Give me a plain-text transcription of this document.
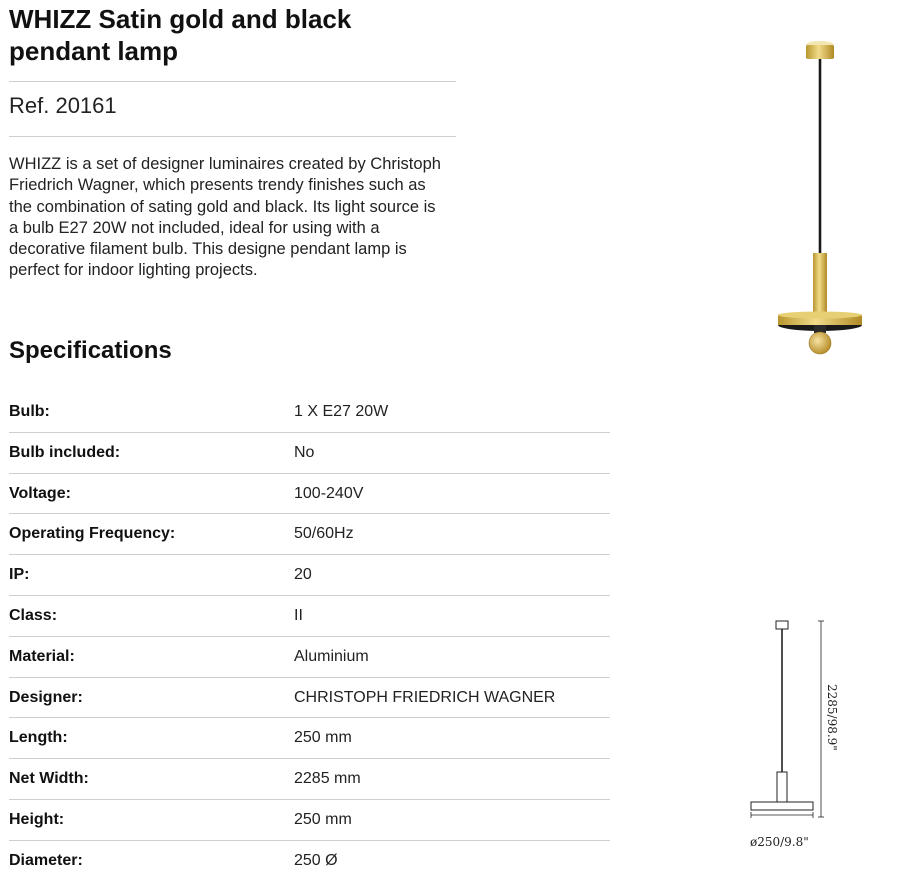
WHIZZ Satin gold and black
pendant lamp
Ref. 20161
WHIZZ is a set of designer luminaires created by Christoph Friedrich Wagner, which presents trendy finishes such as the combination of sating gold and black. Its light source is a bulb E27 20W not included, ideal for using with a decorative filament bulb. This designe pendant lamp is perfect for indoor lighting projects.
Specifications
Bulb:	1 X E27 20W
Bulb included:	No
Voltage:	100-240V
Operating Frequency:	50/60Hz
IP:	20
Class:	II
Material:	Aluminium
Designer:	CHRISTOPH FRIEDRICH WAGNER
Length:	250 mm
Net Width:	2285 mm
Height:	250 mm
Diameter:	250 Ø
2285/98.9"
ø250/9.8"
